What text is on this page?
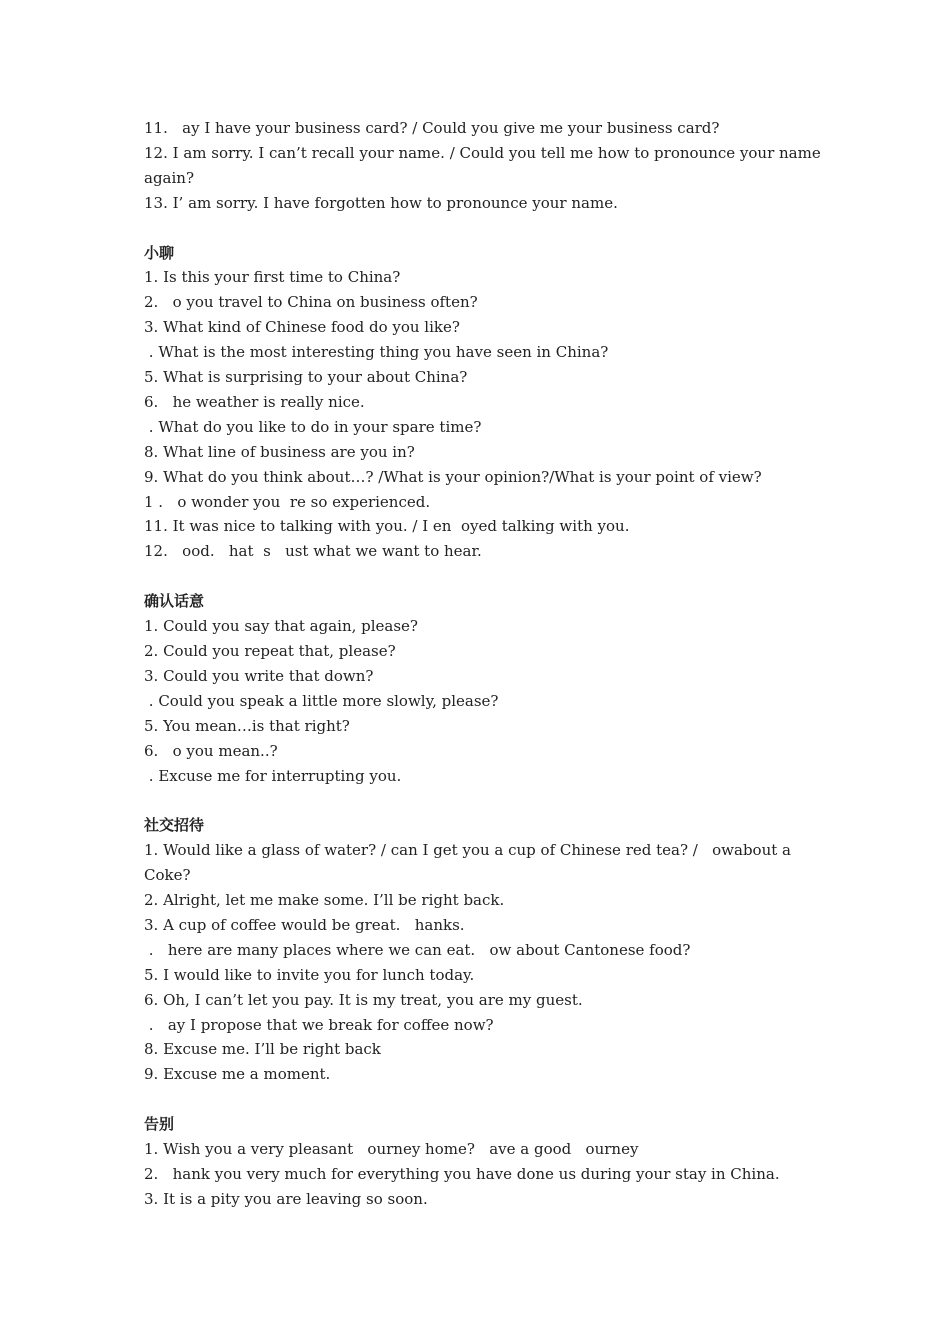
11.   ay I have your business card? / Could you give me your business card?

12. I am sorry. I can’t recall your name. / Could you tell me how to pronounce your name again?

13. I’ am sorry. I have forgotten how to pronounce your name.

小聊

1. Is this your first time to China?

2.   o you travel to China on business often?

3. What kind of Chinese food do you like?

. What is the most interesting thing you have seen in China?

5. What is surprising to your about China?

6.   he weather is really nice.

. What do you like to do in your spare time?

8. What line of business are you in?

9. What do you think about…? /What is your opinion?/What is your point of view?

1 .   o wonder you  re so experienced.

11. It was nice to talking with you. / I en  oyed talking with you.

12.   ood.   hat  s   ust what we want to hear.

确认话意

1. Could you say that again, please?

2. Could you repeat that, please?

3. Could you write that down?

. Could you speak a little more slowly, please?

5. You mean…is that right?

6.   o you mean..?

. Excuse me for interrupting you.

社交招待

1. Would like a glass of water? / can I get you a cup of Chinese red tea? /   owabout a Coke?

2. Alright, let me make some. I’ll be right back.

3. A cup of coffee would be great.   hanks.

.   here are many places where we can eat.   ow about Cantonese food?

5. I would like to invite you for lunch today.

6. Oh, I can’t let you pay. It is my treat, you are my guest.

.   ay I propose that we break for coffee now?

8. Excuse me. I’ll be right back

9. Excuse me a moment.

告别

1. Wish you a very pleasant   ourney home?   ave a good   ourney

2.   hank you very much for everything you have done us during your stay in China.

3. It is a pity you are leaving so soon.
